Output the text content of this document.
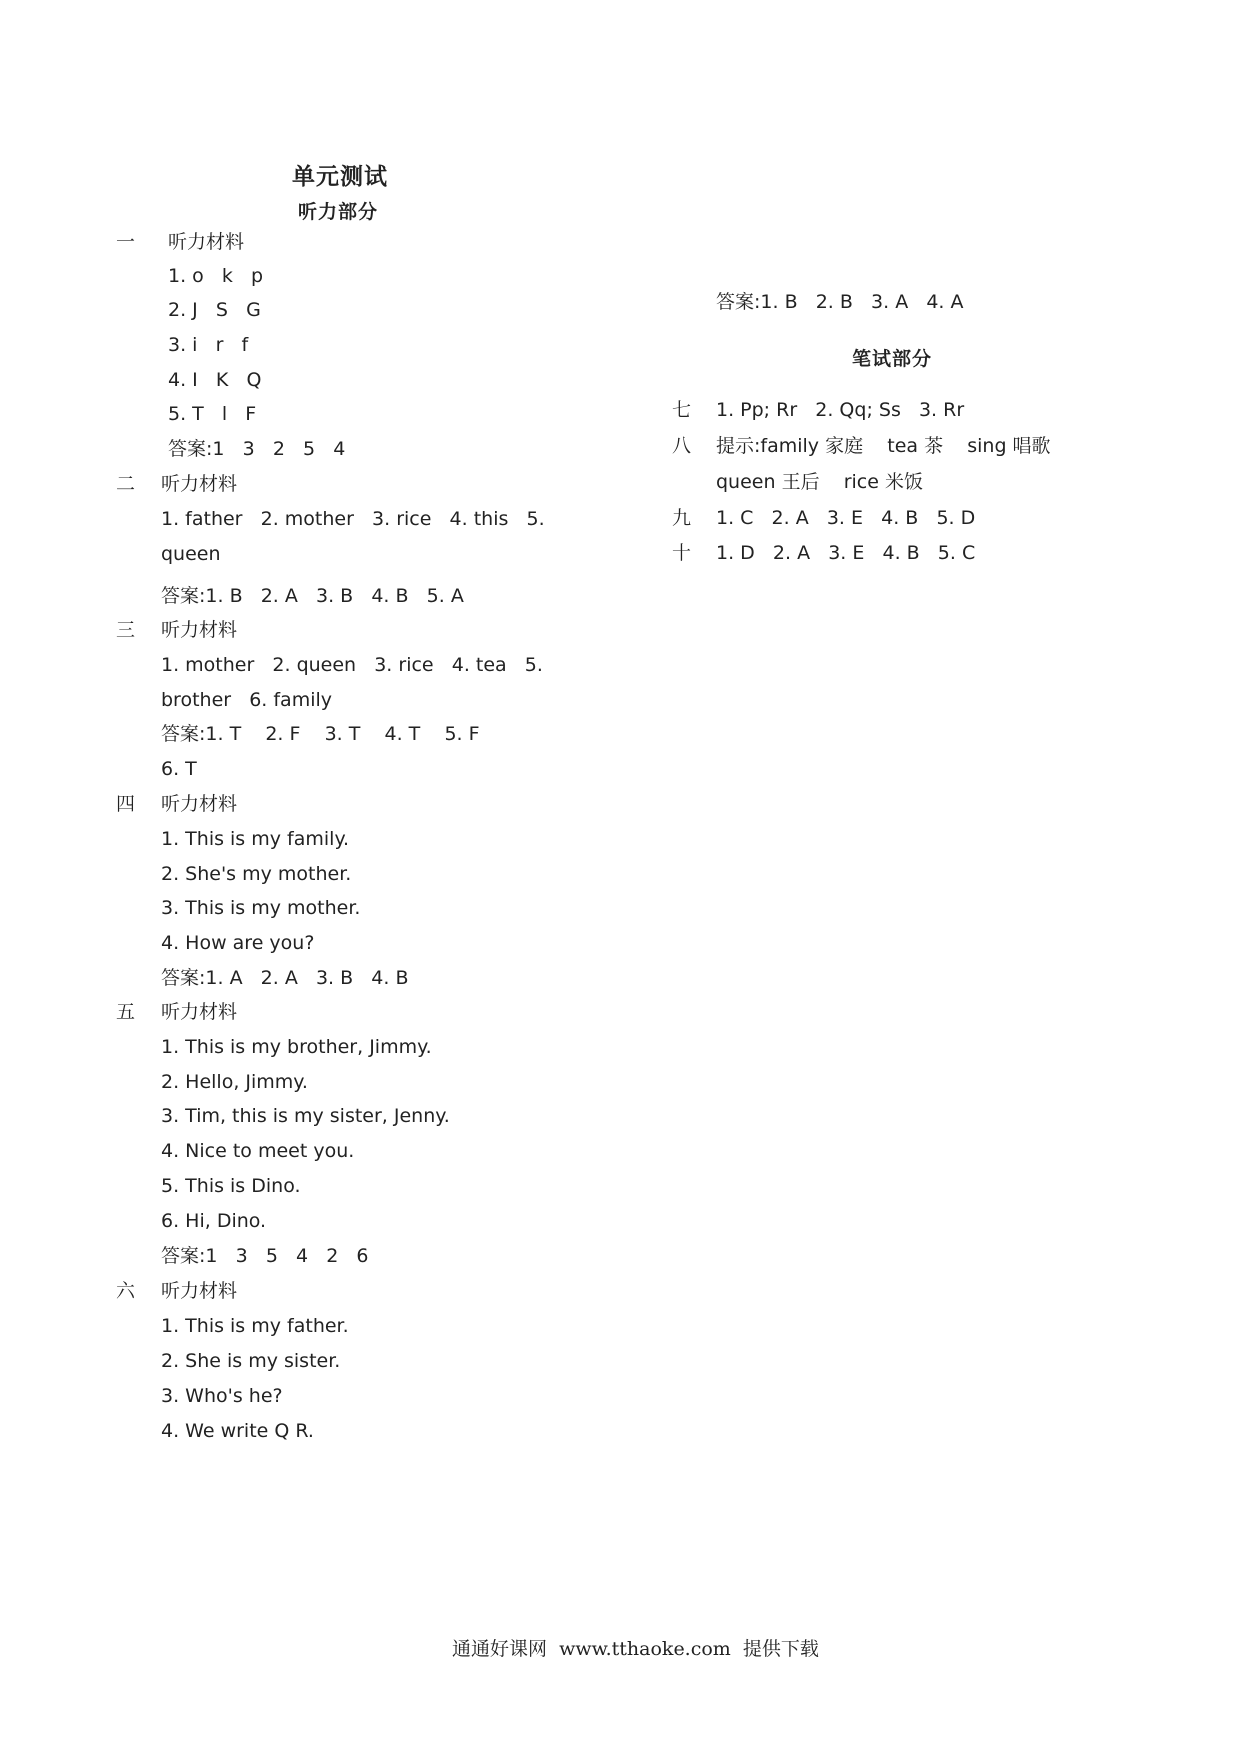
单元测试
听力部分
一 听力材料
1. o   k   p
2. J   S   G
3. i   r   f
4. I   K   Q
5. T   l   F
答案:1   3   2   5   4
二 听力材料
1. father   2. mother   3. rice   4. this   5.
queen
答案:1. B   2. A   3. B   4. B   5. A
三 听力材料
1. mother   2. queen   3. rice   4. tea   5.
brother   6. family
答案:1. T    2. F    3. T    4. T    5. F
6. T
四 听力材料
1. This is my family.
2. She's my mother.
3. This is my mother.
4. How are you?
答案:1. A   2. A   3. B   4. B
五 听力材料
1. This is my brother, Jimmy.
2. Hello, Jimmy.
3. Tim, this is my sister, Jenny.
4. Nice to meet you.
5. This is Dino.
6. Hi, Dino.
答案:1   3   5   4   2   6
六 听力材料
1. This is my father.
2. She is my sister.
3. Who's he?
4. We write Q R.
答案:1. B   2. B   3. A   4. A
笔试部分
七 1. Pp; Rr   2. Qq; Ss   3. Rr
八 提示:family 家庭    tea 茶    sing 唱歌
queen 王后    rice 米饭
九 1. C   2. A   3. E   4. B   5. D
十 1. D   2. A   3. E   4. B   5. C
通通好课网  www.tthaoke.com  提供下载
